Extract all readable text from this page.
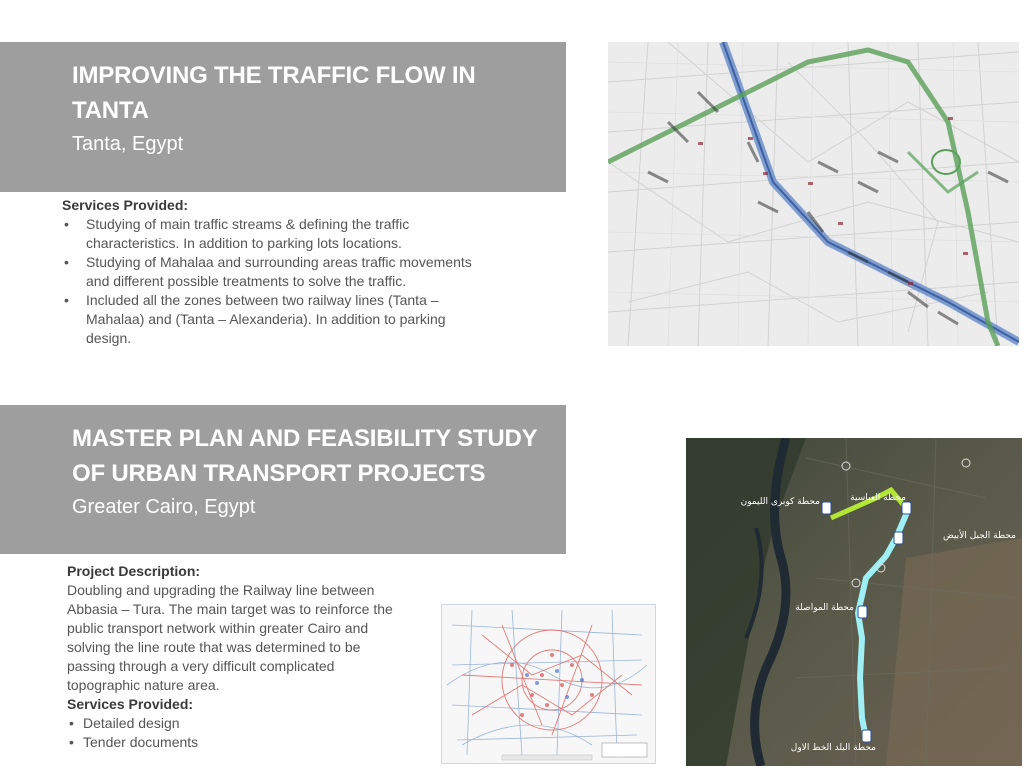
IMPROVING THE TRAFFIC FLOW IN
TANTA
Tanta, Egypt
Services Provided:
• Studying of main traffic streams & defining the traffic characteristics. In addition to parking lots locations.
• Studying of Mahalaa and surrounding areas traffic movements and different possible treatments to solve the traffic.
• Included all the zones between two railway lines (Tanta – Mahalaa) and (Tanta – Alexanderia). In addition to parking design.
MASTER PLAN AND FEASIBILITY STUDY
OF URBAN TRANSPORT PROJECTS
Greater Cairo, Egypt
Project Description:
Doubling and upgrading the Railway line between Abbasia – Tura. The main target was to reinforce the public transport network within greater Cairo and solving the line route that was determined to be passing through a very difficult complicated topographic nature area.
Services Provided:
• Detailed design
• Tender documents
محطة كوبرى الليمون	محطة العباسية
محطة الجبل الأبيض
محطة المواصلة
محطة البلد الخط الاول
